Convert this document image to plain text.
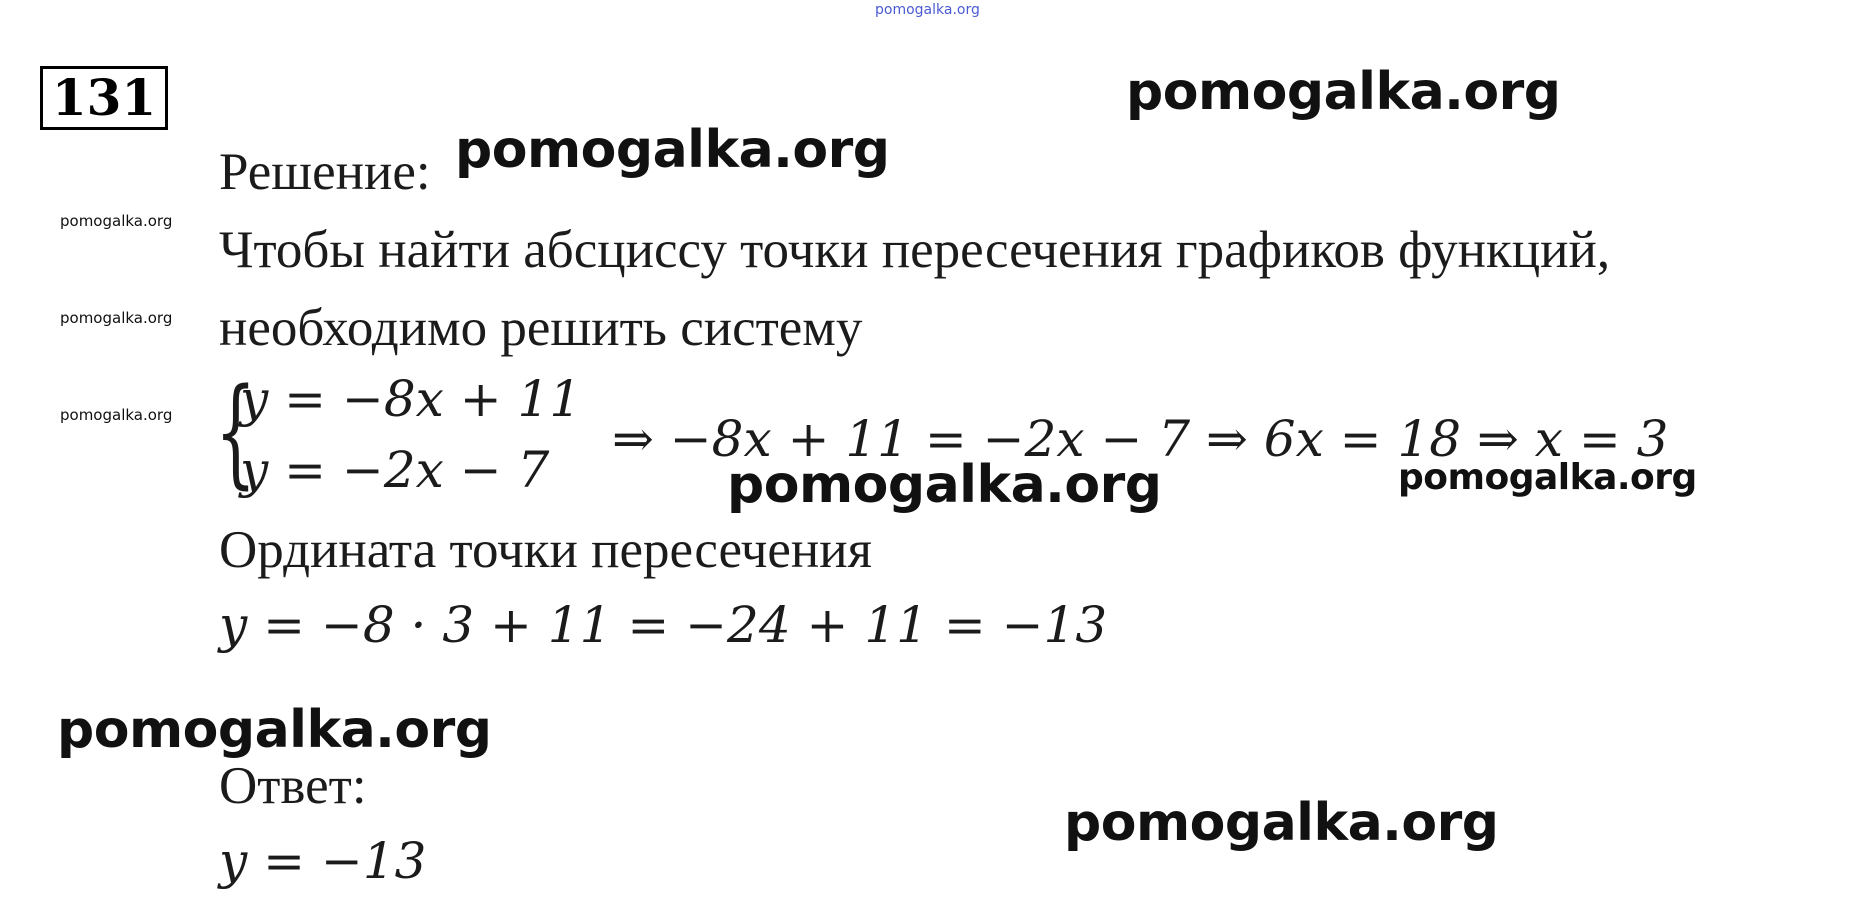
pomogalka.org
131	pomogalka.org
pomogalka.org
pomogalka.org	pomogalka.org
pomogalka.org
pomogalka.org
pomogalka.org
pomogalka.org
pomogalka.org
Решение:
Чтобы найти абсциссу точки пересечения графиков функций,
необходимо решить систему
{
y = −8x + 11
y = −2x − 7
⇒ −8x + 11 = −2x − 7 ⇒ 6x = 18 ⇒ x = 3
Ордината точки пересечения
y = −8 · 3 + 11 = −24 + 11 = −13
Ответ:
y = −13
